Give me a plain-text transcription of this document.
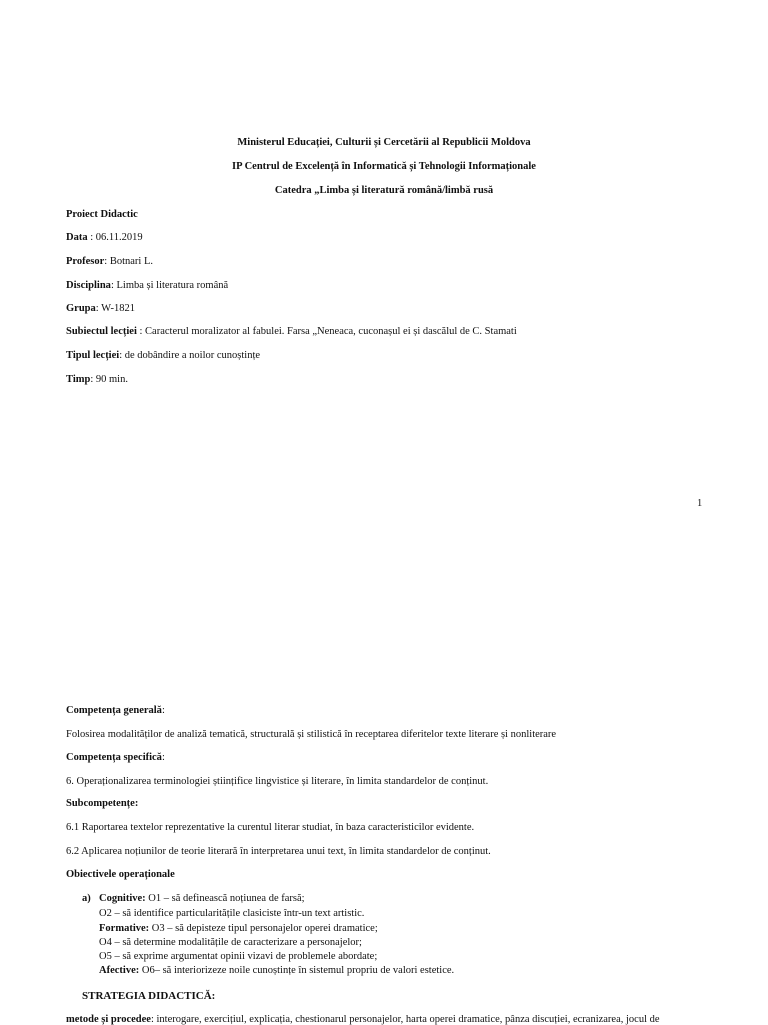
Ministerul Educației, Culturii și Cercetării al Republicii Moldova
IP Centrul de Excelență în Informatică și Tehnologii Informaționale
Catedra „Limba și literatură română/limbă rusă
Proiect Didactic
Data : 06.11.2019
Profesor: Botnari L.
Disciplina: Limba și literatura română
Grupa: W-1821
Subiectul lecției : Caracterul moralizator al fabulei. Farsa „Neneaca, cuconașul ei și dascălul de C. Stamati
Tipul lecției: de dobândire a noilor cunoștințe
Timp: 90 min.
1
Competența generală:
Folosirea modalităților de analiză tematică, structurală și stilistică în receptarea diferitelor texte literare și nonliterare
Competența specifică:
6. Operaționalizarea terminologiei științifice lingvistice și literare, în limita standardelor de conținut.
Subcompetențe:
6.1 Raportarea textelor reprezentative la curentul literar studiat, în baza caracteristicilor evidente.
6.2 Aplicarea noțiunilor de teorie literară în interpretarea unui text, în limita standardelor de conținut.
Obiectivele operaționale
a) Cognitive: O1 – să definească noțiunea de farsă;
O2 – să identifice particularitățile clasiciste într-un text artistic.
Formative: O3 – să depisteze tipul personajelor operei dramatice;
O4 – să determine modalitățile de caracterizare a personajelor;
O5 – să exprime argumentat opinii vizavi de problemele abordate;
Afective: O6– să interiorizeze noile cunoștințe în sistemul propriu de valori estetice.
STRATEGIA DIDACTICĂ:
metode și procedee: interogare, exercițiul, explicația, chestionarul personajelor, harta operei dramatice, pânza discuției, ecranizarea, jocul de
